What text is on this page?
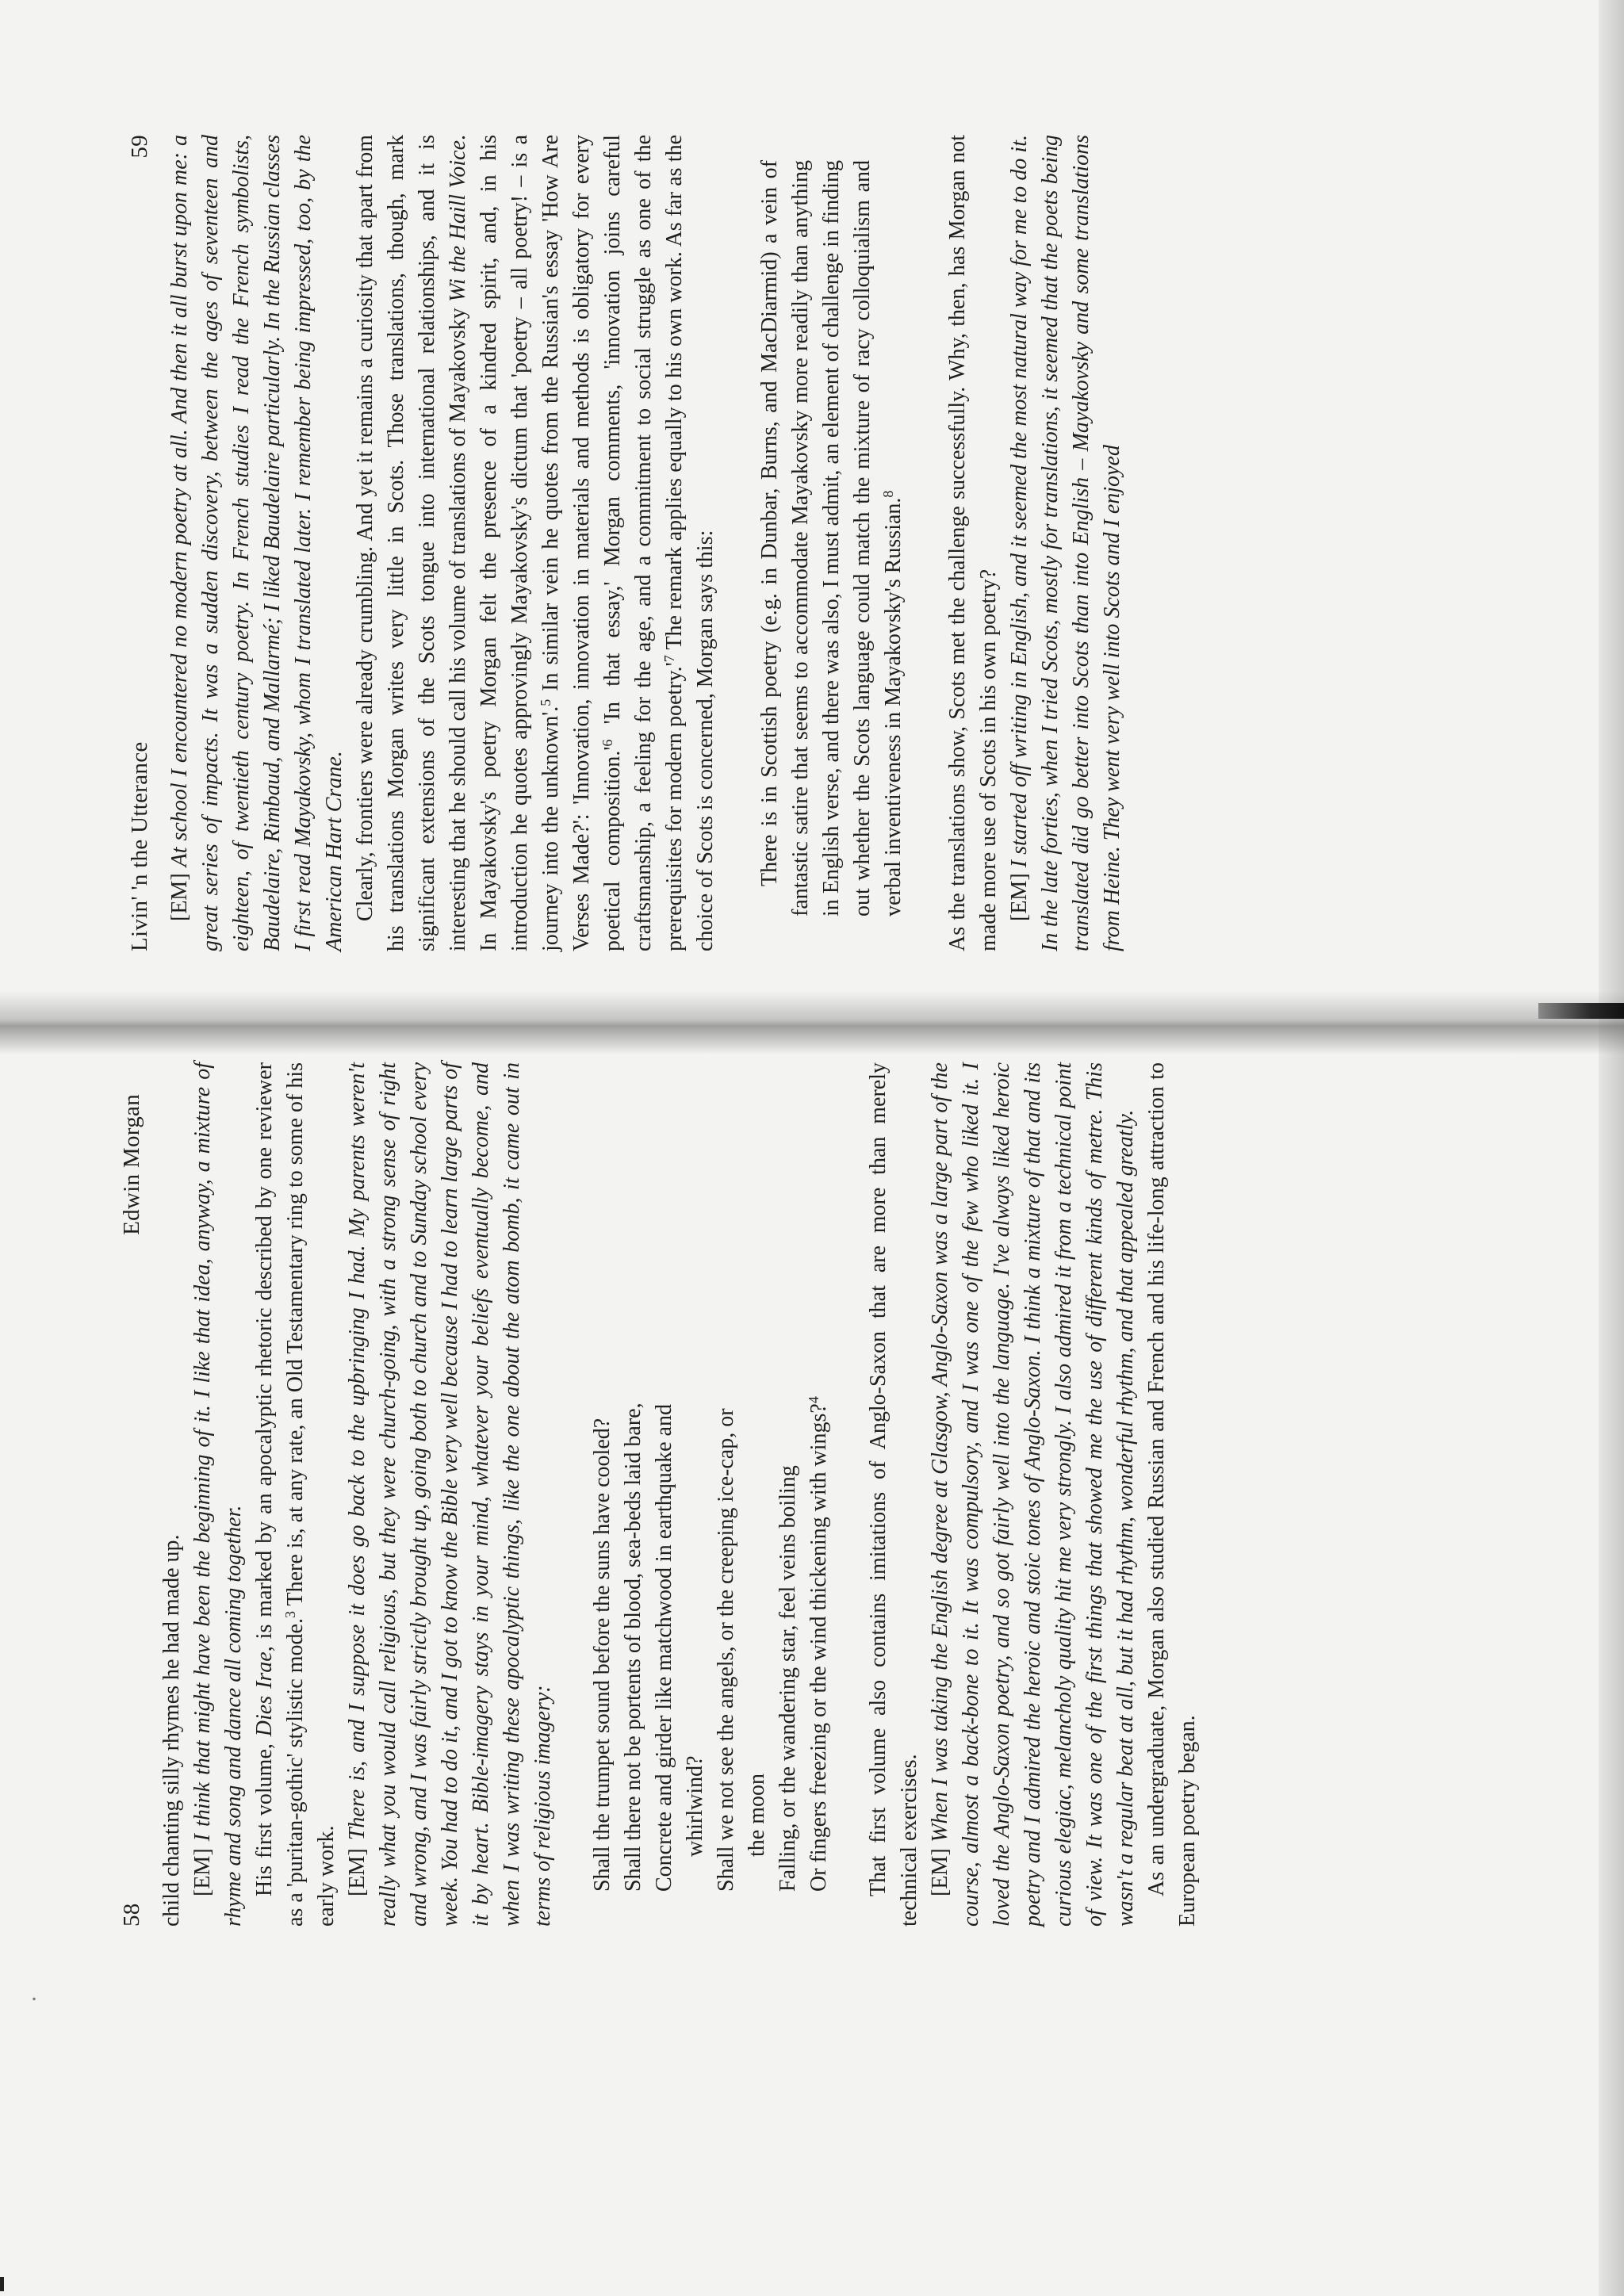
·
58
Edwin Morgan

child chanting silly rhymes he had made up. [EM] I think that might have been the beginning of it. I like that idea, anyway, a mixture of rhyme and song and dance all coming together. His first volume, Dies Irae, is marked by an apocalyptic rhetoric described by one reviewer as a 'puritan-gothic' stylistic mode.$^3$ There is, at any rate, an Old Testamentary ring to some of his early work. [EM] There is, and I suppose it does go back to the upbringing I had. My parents weren't really what you would call religious, but they were church-going, with a strong sense of right and wrong, and I was fairly strictly brought up, going both to church and to Sunday school every week. You had to do it, and I got to know the Bible very well because I had to learn large parts of it by heart. Bible-imagery stays in your mind, whatever your beliefs eventually become, and when I was writing these apocalyptic things, like the one about the atom bomb, it came out in terms of religious imagery: Shall the trumpet sound before the suns have cooled? Shall there not be portents of blood, sea-beds laid bare, Concrete and girder like matchwood in earthquake and whirlwind? Shall we not see the angels, or the creeping ice-cap, or the moon Falling, or the wandering star, feel veins boiling Or fingers freezing or the wind thickening with wings?$^4$	That first volume also contains imitations of Anglo-Saxon that are more than merely technical exercises. [EM] When I was taking the English degree at Glasgow, Anglo-Saxon was a large part of the course, almost a back-bone to it. It was compulsory, and I was one of the few who liked it. I loved the Anglo-Saxon poetry, and so got fairly well into the language. I've always liked heroic poetry and I admired the heroic and stoic tones of Anglo-Saxon. I think a mixture of that and its curious elegiac, melancholy quality hit me very strongly. I also admired it from a technical point of view. It was one of the first things that showed me the use of different kinds of metre. This wasn't a regular beat at all, but it had rhythm, wonderful rhythm, and that appealed greatly. As an undergraduate, Morgan also studied Russian and French and his life-long attraction to European poetry began.

Livin' 'n the Utterance
59

[EM] At school I encountered no modern poetry at all. And then it all burst upon me: a great series of impacts. It was a sudden discovery, between the ages of seventeen and eighteen, of twentieth century poetry. In French studies I read the French symbolists, Baudelaire, Rimbaud, and Mallarmé; I liked Baudelaire particularly. In the Russian classes I first read Mayakovsky, whom I translated later. I remember being impressed, too, by the American Hart Crane. Clearly, frontiers were already crumbling. And yet it remains a curiosity that apart from his translations Morgan writes very little in Scots. Those translations, though, mark significant extensions of the Scots tongue into international relationships, and it is interesting that he should call his volume of translations of Mayakovsky Wi the Haill Voice. In Mayakovsky's poetry Morgan felt the presence of a kindred spirit, and, in his introduction he quotes approvingly Mayakovsky's dictum that 'poetry – all poetry! – is a journey into the unknown'.$^5$ In similar vein he quotes from the Russian's essay 'How Are Verses Made?': 'Innovation, innovation in materials and methods is obligatory for every poetical $composition.'^6$ 'In that essay,' Morgan comments, 'innovation joins careful craftsmanship, a feeling for the age, and a commitment to social struggle as one of the prerequisites for modern $poetry.'^7$ The remark applies equally to his own work. As far as the choice of Scots is concerned, Morgan says this: There is in Scottish poetry (e.g. in Dunbar, Burns, and MacDiarmid) a vein of fantastic satire that seems to accommodate Mayakovsky more readily than anything in English verse, and there was also, I must admit, an element of challenge in finding out whether the Scots language could match the mixture of racy colloquialism and verbal inventiveness in Mayakovsky's Russian.$^8$	As the translations show, Scots met the challenge successfully. Why, then, has Morgan not made more use of Scots in his own poetry? [EM] I started off writing in English, and it seemed the most natural way for me to do it. In the late forties, when I tried Scots, mostly for translations, it seemed that the poets being translated did go better into Scots than into English – Mayakovsky and some translations from Heine. They went very well into Scots and I enjoyed
